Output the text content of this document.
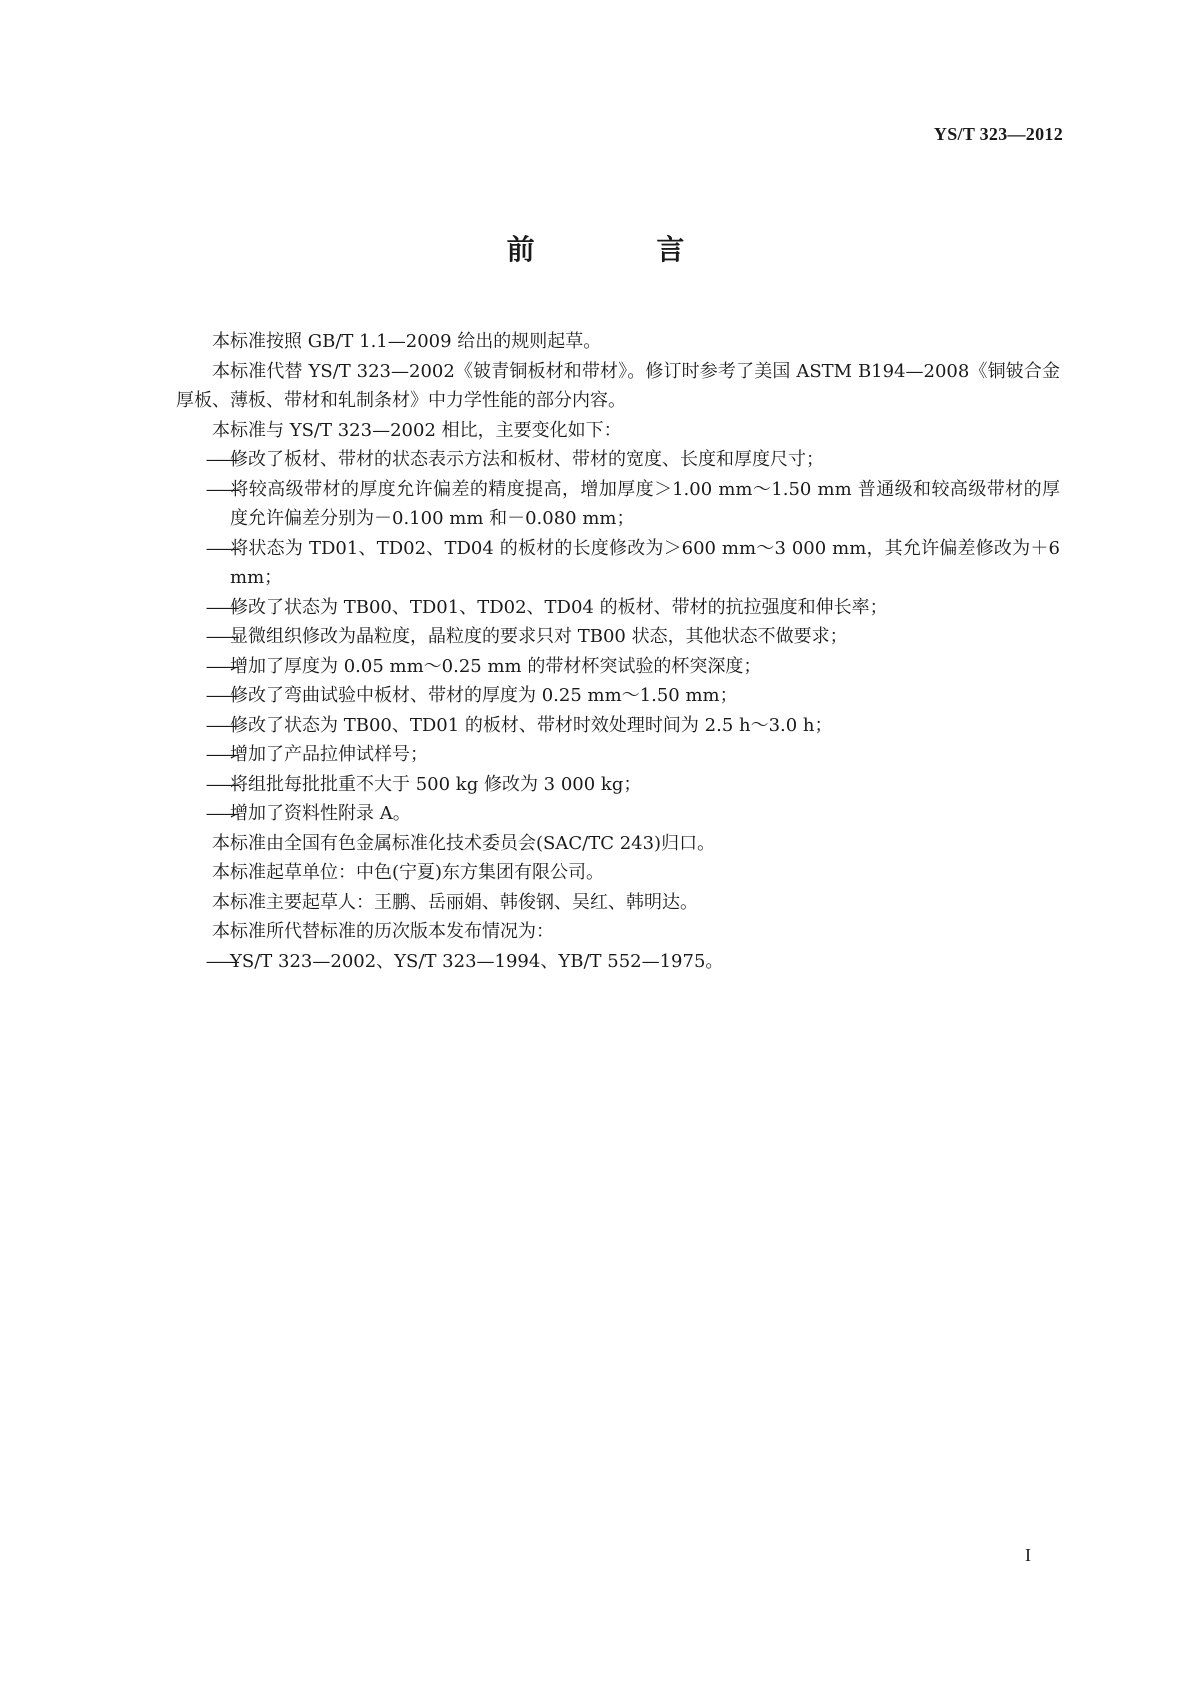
YS/T 323—2012
前 言

本标准按照 GB/T 1.1—2009 给出的规则起草。

本标准代替 YS/T 323—2002《铍青铜板材和带材》。修订时参考了美国 ASTM B194—2008《铜铍合金厚板、薄板、带材和轧制条材》中力学性能的部分内容。

本标准与 YS/T 323—2002 相比，主要变化如下：

——修改了板材、带材的状态表示方法和板材、带材的宽度、长度和厚度尺寸；

——将较高级带材的厚度允许偏差的精度提高，增加厚度＞1.00 mm～1.50 mm 普通级和较高级带材的厚度允许偏差分别为－0.100 mm 和－0.080 mm；

——将状态为 TD01、TD02、TD04 的板材的长度修改为＞600 mm～3 000 mm，其允许偏差修改为＋6 mm；

——修改了状态为 TB00、TD01、TD02、TD04 的板材、带材的抗拉强度和伸长率；

——显微组织修改为晶粒度，晶粒度的要求只对 TB00 状态，其他状态不做要求；

——增加了厚度为 0.05 mm～0.25 mm 的带材杯突试验的杯突深度；

——修改了弯曲试验中板材、带材的厚度为 0.25 mm～1.50 mm；

——修改了状态为 TB00、TD01 的板材、带材时效处理时间为 2.5 h～3.0 h；

——增加了产品拉伸试样号；

——将组批每批批重不大于 500 kg 修改为 3 000 kg；

——增加了资料性附录 A。

本标准由全国有色金属标准化技术委员会(SAC/TC 243)归口。

本标准起草单位：中色(宁夏)东方集团有限公司。

本标准主要起草人：王鹏、岳丽娟、韩俊钢、吴红、韩明达。

本标准所代替标准的历次版本发布情况为：

——YS/T 323—2002、YS/T 323—1994、YB/T 552—1975。

I
